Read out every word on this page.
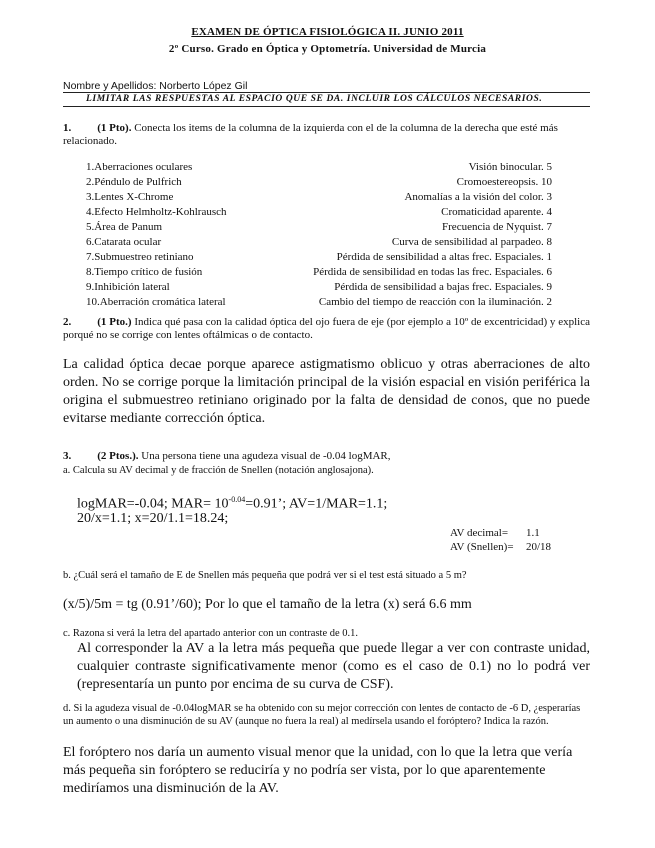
EXAMEN DE ÓPTICA FISIOLÓGICA II. JUNIO 2011
2º Curso. Grado en Óptica y Optometría. Universidad de Murcia
Nombre y Apellidos: Norberto López Gil
LIMITAR LAS RESPUESTAS AL ESPACIO QUE SE DA. INCLUIR LOS CÁLCULOS NECESARIOS.
1. (1 Pto). Conecta los items de la columna de la izquierda con el de la columna de la derecha que esté más relacionado.
1.Aberraciones oculares	Visión binocular. 5
2.Péndulo de Pulfrich	Cromoestereopsis. 10
3.Lentes X-Chrome	Anomalías a la visión del color. 3
4.Efecto Helmholtz-Kohlrausch	Cromaticidad aparente. 4
5.Área de Panum	Frecuencia de Nyquist. 7
6.Catarata ocular	Curva de sensibilidad al parpadeo. 8
7.Submuestreo retiniano	Pérdida de sensibilidad a altas frec. Espaciales. 1
8.Tiempo crítico de fusión	Pérdida de sensibilidad en todas las frec. Espaciales. 6
9.Inhibición lateral	Pérdida de sensibilidad a bajas frec. Espaciales. 9
10.Aberración cromática lateral	Cambio del tiempo de reacción con la iluminación. 2
2. (1 Pto.) Indica qué pasa con la calidad óptica del ojo fuera de eje (por ejemplo a 10º de excentricidad) y explica porqué no se corrige con lentes oftálmicas o de contacto.
La calidad óptica decae porque aparece astigmatismo oblicuo y otras aberraciones de alto orden. No se corrige porque la limitación principal de la visión espacial en visión periférica la origina el submuestreo retiniano originado por la falta de densidad de conos, que no puede evitarse mediante corrección óptica.
3. (2 Ptos.). Una persona tiene una agudeza visual de -0.04 logMAR,
a. Calcula su AV decimal y de fracción de Snellen (notación anglosajona).
logMAR=-0.04; $MAR= 10^{-0.04}=0.91$’; AV=1/MAR=1.1;
20/x=1.1; x=20/1.1=18.24;
AV decimal= 1.1
AV (Snellen)= 20/18
b. ¿Cuál será el tamaño de E de Snellen más pequeña que podrá ver si el test está situado a 5 m?
(x/5)/5m = tg (0.91’/60); Por lo que el tamaño de la letra (x) será 6.6 mm
c. Razona si verá la letra del apartado anterior con un contraste de 0.1.
Al corresponder la AV a la letra más pequeña que puede llegar a ver con contraste unidad, cualquier contraste significativamente menor (como es el caso de 0.1) no lo podrá ver (representaría un punto por encima de su curva de CSF).
d. Si la agudeza visual de -0.04logMAR se ha obtenido con su mejor corrección con lentes de contacto de -6 D, ¿esperarías un aumento o una disminución de su AV (aunque no fuera la real) al medírsela usando el foróptero? Indica la razón.
El foróptero nos daría un aumento visual menor que la unidad, con lo que la letra que vería más pequeña sin foróptero se reduciría y no podría ser vista, por lo que aparentemente mediríamos una disminución de la AV.
